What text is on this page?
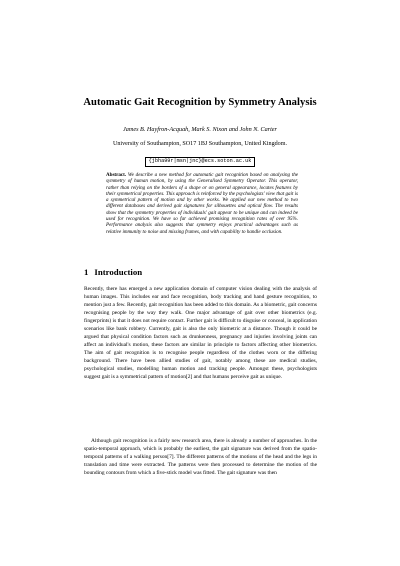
Automatic Gait Recognition by Symmetry Analysis
James B. Hayfron-Acquah, Mark S. Nixon and John N. Carter
University of Southampton, SO17 1BJ Southampton, United Kingdom.
{jbha99r|msn|jnc}@ecs.soton.ac.uk

Abstract. We describe a new method for automatic gait recognition based on analysing the symmetry of human motion, by using the Generalised Symmetry Operator. This operator, rather than relying on the borders of a shape or on general appearance, locates features by their symmetrical properties. This approach is reinforced by the psychologists' view that gait is a symmetrical pattern of motion and by other works. We applied our new method to two different databases and derived gait signatures for silhouettes and optical flow. The results show that the symmetry properties of individuals' gait appear to be unique and can indeed be used for recognition. We have so far achieved promising recognition rates of over 95%. Performance analysis also suggests that symmetry enjoys practical advantages such as relative immunity to noise and missing frames, and with capability to handle occlusion.

1 Introduction

Recently, there has emerged a new application domain of computer vision dealing with the analysis of human images. This includes ear and face recognition, body tracking and hand gesture recognition, to mention just a few. Recently, gait recognition has been added to this domain. As a biometric, gait concerns recognising people by the way they walk. One major advantage of gait over other biometrics (e.g. fingerprints) is that it does not require contact. Further gait is difficult to disguise or conceal, in application scenarios like bank robbery. Currently, gait is also the only biometric at a distance. Though it could be argued that physical condition factors such as drunkenness, pregnancy and injuries involving joints can affect an individual's motion, these factors are similar in principle to factors affecting other biometrics. The aim of gait recognition is to recognise people regardless of the clothes worn or the differing background. There have been allied studies of gait, notably among these are medical studies, psychological studies, modelling human motion and tracking people. Amongst these, psychologists suggest gait is a symmetrical pattern of motion[2] and that humans perceive gait as unique.

Although gait recognition is a fairly new research area, there is already a number of approaches. In the spatio-temporal approach, which is probably the earliest, the gait signature was derived from the spatio-temporal patterns of a walking person[7]. The different patterns of the motions of the head and the legs in translation and time were extracted. The patterns were then processed to determine the motion of the bounding contours from which a five-stick model was fitted. The gait signature was then
